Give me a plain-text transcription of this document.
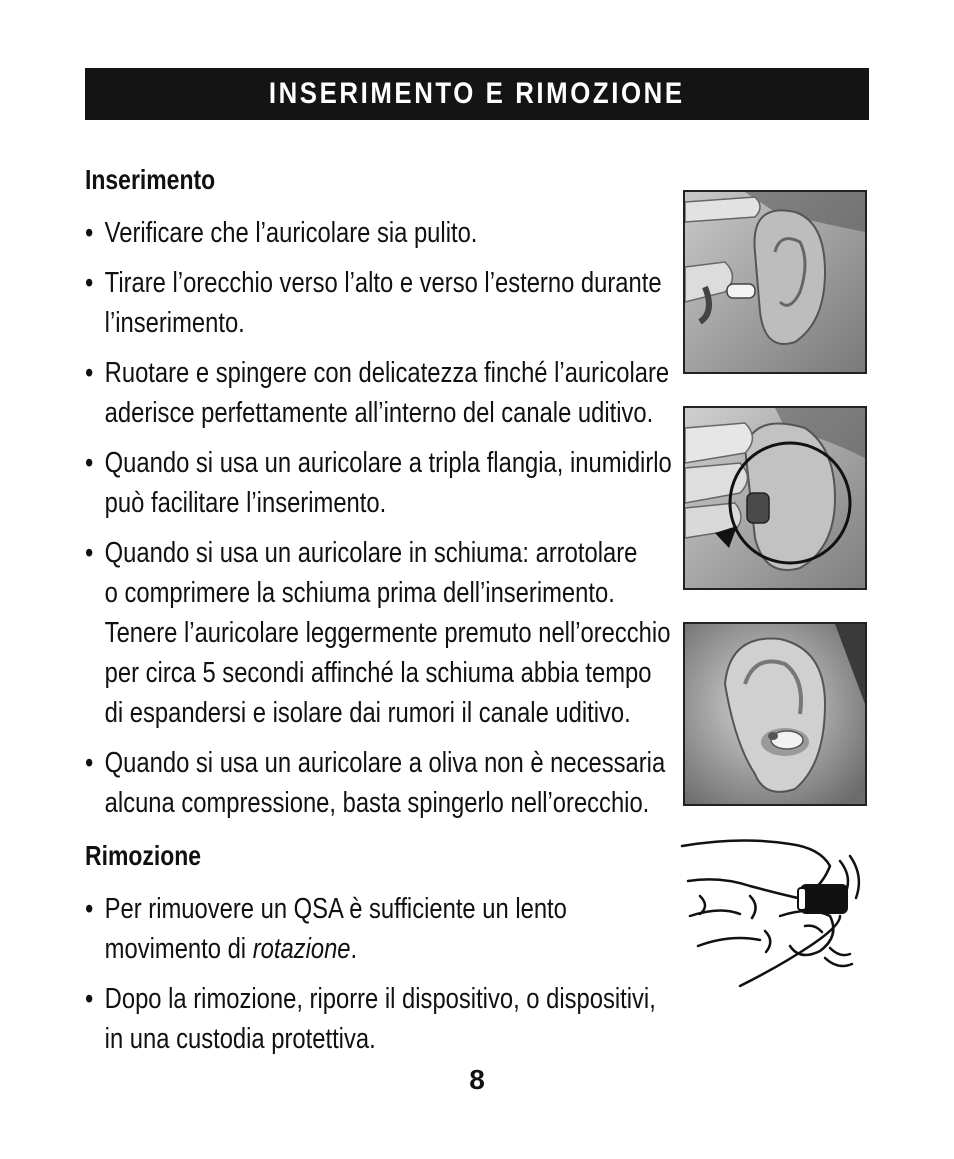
INSERIMENTO E RIMOZIONE
Inserimento
• Verificare che l’auricolare sia pulito.
• Tirare l’orecchio verso l’alto e verso l’esterno durante
l’inserimento.
• Ruotare e spingere con delicatezza finché l’auricolare
aderisce perfettamente all’interno del canale uditivo.
• Quando si usa un auricolare a tripla flangia, inumidirlo
può facilitare l’inserimento.
• Quando si usa un auricolare in schiuma: arrotolare
o comprimere la schiuma prima dell’inserimento.
Tenere l’auricolare leggermente premuto nell’orecchio
per circa 5 secondi affinché la schiuma abbia tempo
di espandersi e isolare dai rumori il canale uditivo.
• Quando si usa un auricolare a oliva non è necessaria
alcuna compressione, basta spingerlo nell’orecchio.
Rimozione
• Per rimuovere un QSA è sufficiente un lento
movimento di rotazione.
• Dopo la rimozione, riporre il dispositivo, o dispositivi,
in una custodia protettiva.
8
